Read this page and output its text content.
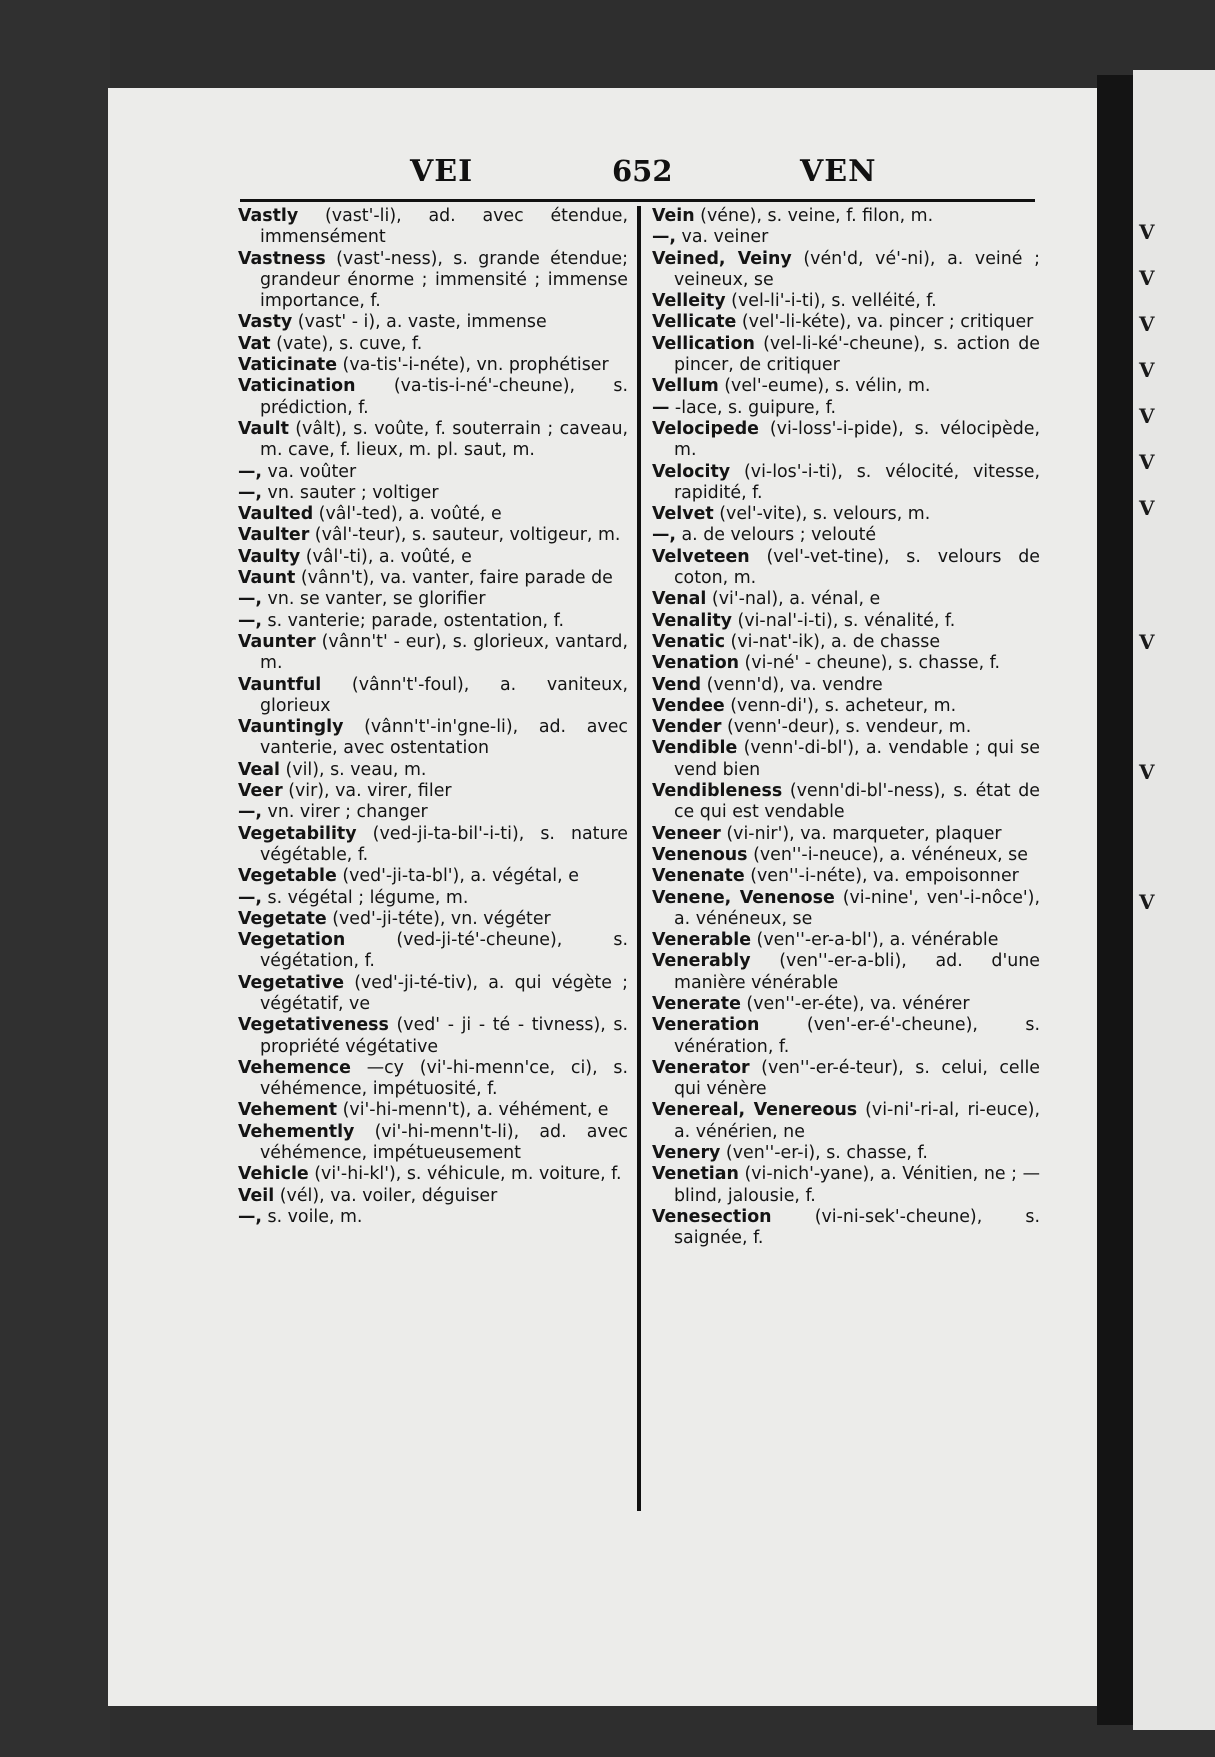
V
V
V
V
V
V
V
V
V
V
VEI	652	VEN
Vastly (vast'-li), ad. avec étendue, immensément
Vastness (vast'-ness), s. grande étendue; grandeur énorme ; immensité ; immense importance, f.
Vasty (vast' - i), a. vaste, immense
Vat (vate), s. cuve, f.
Vaticinate (va-tis'-i-néte), vn. prophétiser
Vaticination (va-tis-i-né'-cheune), s. prédiction, f.
Vault (vâlt), s. voûte, f. souterrain ; caveau, m. cave, f. lieux, m. pl. saut, m.
—, va. voûter
—, vn. sauter ; voltiger
Vaulted (vâl'-ted), a. voûté, e
Vaulter (vâl'-teur), s. sauteur, voltigeur, m.
Vaulty (vâl'-ti), a. voûté, e
Vaunt (vânn't), va. vanter, faire parade de
—, vn. se vanter, se glorifier
—, s. vanterie; parade, ostentation, f.
Vaunter (vânn't' - eur), s. glorieux, vantard, m.
Vauntful (vânn't'-foul), a. vaniteux, glorieux
Vauntingly (vânn't'-in'gne-li), ad. avec vanterie, avec ostentation
Veal (vil), s. veau, m.
Veer (vir), va. virer, filer
—, vn. virer ; changer
Vegetability (ved-ji-ta-bil'-i-ti), s. nature végétable, f.
Vegetable (ved'-ji-ta-bl'), a. végétal, e
—, s. végétal ; légume, m.
Vegetate (ved'-ji-téte), vn. végéter
Vegetation (ved-ji-té'-cheune), s. végétation, f.
Vegetative (ved'-ji-té-tiv), a. qui végète ; végétatif, ve
Vegetativeness (ved' - ji - té - tivness), s. propriété végétative
Vehemence —cy (vi'-hi-menn'ce, ci), s. véhémence, impétuosité, f.
Vehement (vi'-hi-menn't), a. véhément, e
Vehemently (vi'-hi-menn't-li), ad. avec véhémence, impétueusement
Vehicle (vi'-hi-kl'), s. véhicule, m. voiture, f.
Veil (vél), va. voiler, déguiser
—, s. voile, m.
Vein (véne), s. veine, f. filon, m.
—, va. veiner
Veined, Veiny (vén'd, vé'-ni), a. veiné ; veineux, se
Velleity (vel-li'-i-ti), s. velléité, f.
Vellicate (vel'-li-kéte), va. pincer ; critiquer
Vellication (vel-li-ké'-cheune), s. action de pincer, de critiquer
Vellum (vel'-eume), s. vélin, m.
— -lace, s. guipure, f.
Velocipede (vi-loss'-i-pide), s. vélocipède, m.
Velocity (vi-los'-i-ti), s. vélocité, vitesse, rapidité, f.
Velvet (vel'-vite), s. velours, m.
—, a. de velours ; velouté
Velveteen (vel'-vet-tine), s. velours de coton, m.
Venal (vi'-nal), a. vénal, e
Venality (vi-nal'-i-ti), s. vénalité, f.
Venatic (vi-nat'-ik), a. de chasse
Venation (vi-né' - cheune), s. chasse, f.
Vend (venn'd), va. vendre
Vendee (venn-di'), s. acheteur, m.
Vender (venn'-deur), s. vendeur, m.
Vendible (venn'-di-bl'), a. vendable ; qui se vend bien
Vendibleness (venn'di-bl'-ness), s. état de ce qui est vendable
Veneer (vi-nir'), va. marqueter, plaquer
Venenous (ven''-i-neuce), a. vénéneux, se
Venenate (ven''-i-néte), va. empoisonner
Venene, Venenose (vi-nine', ven'-i-nôce'), a. vénéneux, se
Venerable (ven''-er-a-bl'), a. vénérable
Venerably (ven''-er-a-bli), ad. d'une manière vénérable
Venerate (ven''-er-éte), va. vénérer
Veneration (ven'-er-é'-cheune), s. vénération, f.
Venerator (ven''-er-é-teur), s. celui, celle qui vénère
Venereal, Venereous (vi-ni'-ri-al, ri-euce), a. vénérien, ne
Venery (ven''-er-i), s. chasse, f.
Venetian (vi-nich'-yane), a. Vénitien, ne ; — blind, jalousie, f.
Venesection (vi-ni-sek'-cheune), s. saignée, f.
